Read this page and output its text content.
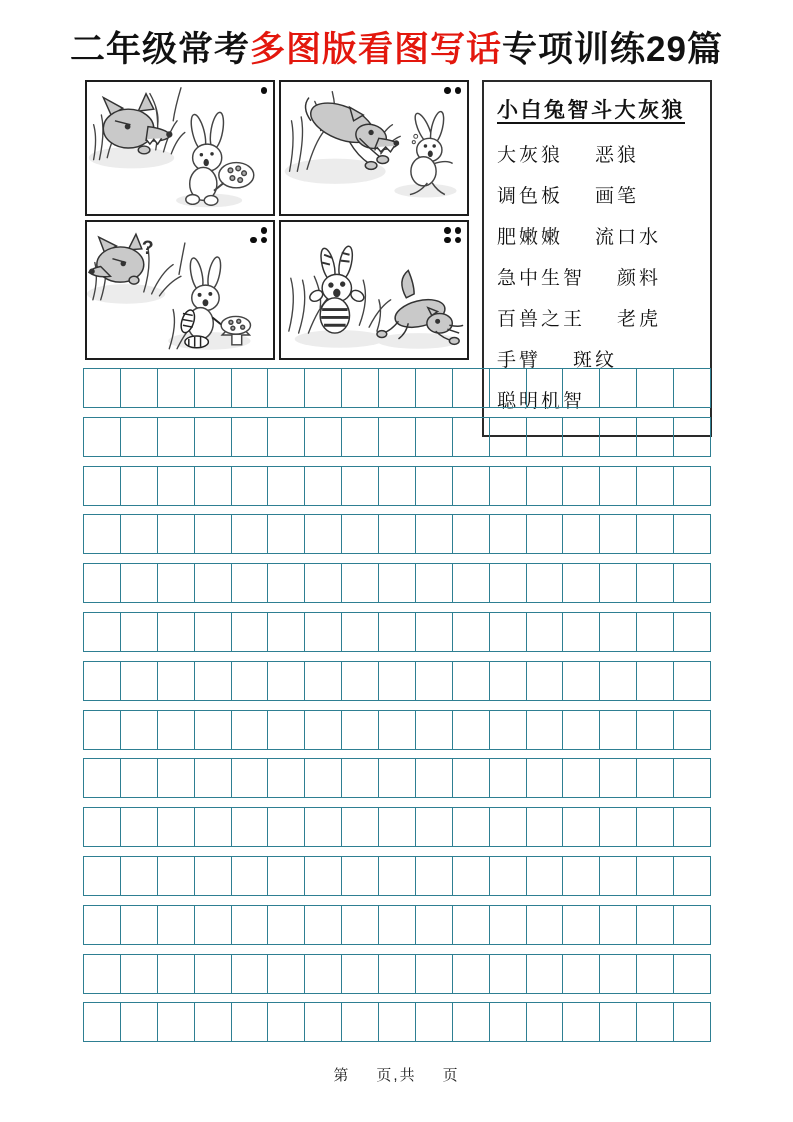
二年级常考多图版看图写话专项训练29篇
?
小白兔智斗大灰狼
大灰狼 恶狼
调色板 画笔
肥嫩嫩 流口水
急中生智 颜料
百兽之王 老虎
手臂 斑纹
聪明机智
第 页,共 页
